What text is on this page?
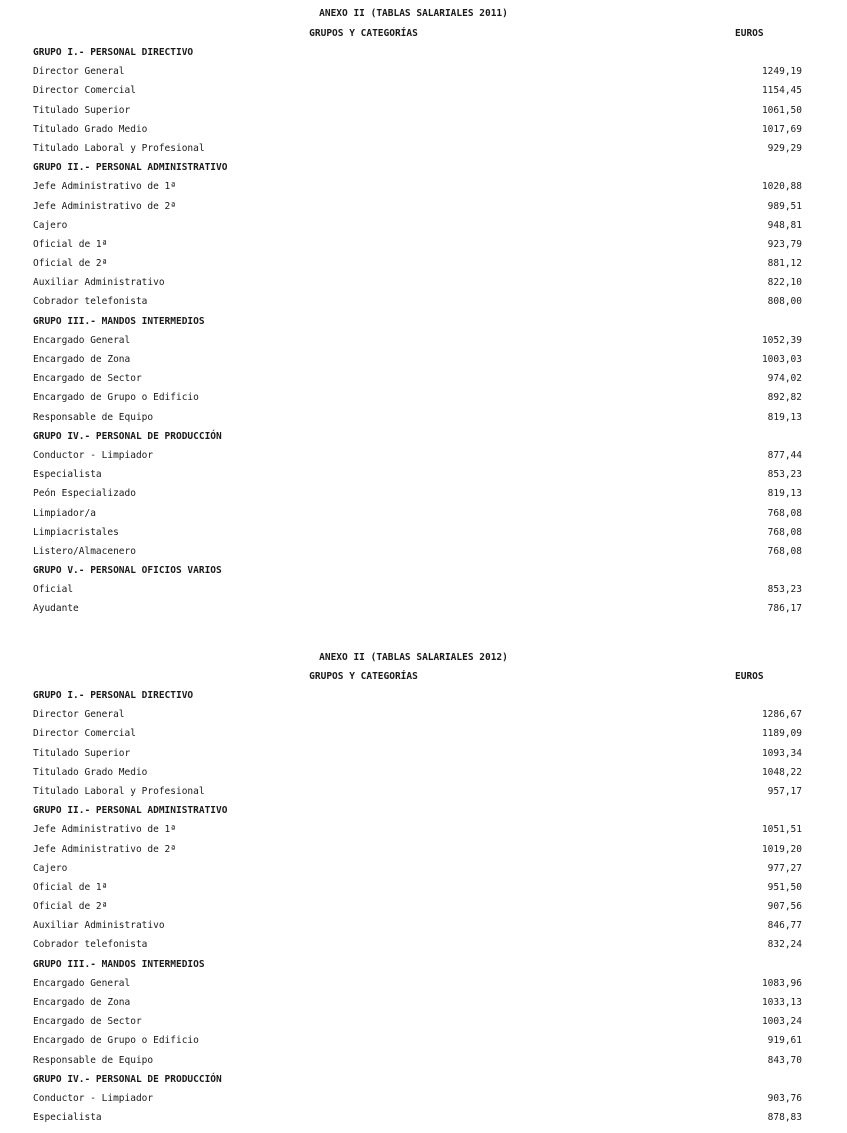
ANEXO II (TABLAS SALARIALES 2011)
GRUPOS Y CATEGORÍAS	EUROS
GRUPO I.- PERSONAL DIRECTIVO
Director General	1249,19
Director Comercial	1154,45
Titulado Superior	1061,50
Titulado Grado Medio	1017,69
Titulado Laboral y Profesional	929,29
GRUPO II.- PERSONAL ADMINISTRATIVO
Jefe Administrativo de 1ª	1020,88
Jefe Administrativo de 2ª	989,51
Cajero	948,81
Oficial de 1ª	923,79
Oficial de 2ª	881,12
Auxiliar Administrativo	822,10
Cobrador telefonista	808,00
GRUPO III.- MANDOS INTERMEDIOS
Encargado General	1052,39
Encargado de Zona	1003,03
Encargado de Sector	974,02
Encargado de Grupo o Edificio	892,82
Responsable de Equipo	819,13
GRUPO IV.- PERSONAL DE PRODUCCIÓN
Conductor - Limpiador	877,44
Especialista	853,23
Peón Especializado	819,13
Limpiador/a	768,08
Limpiacristales	768,08
Listero/Almacenero	768,08
GRUPO V.- PERSONAL OFICIOS VARIOS
Oficial	853,23
Ayudante	786,17
ANEXO II (TABLAS SALARIALES 2012)
GRUPOS Y CATEGORÍAS	EUROS
GRUPO I.- PERSONAL DIRECTIVO
Director General	1286,67
Director Comercial	1189,09
Titulado Superior	1093,34
Titulado Grado Medio	1048,22
Titulado Laboral y Profesional	957,17
GRUPO II.- PERSONAL ADMINISTRATIVO
Jefe Administrativo de 1ª	1051,51
Jefe Administrativo de 2ª	1019,20
Cajero	977,27
Oficial de 1ª	951,50
Oficial de 2ª	907,56
Auxiliar Administrativo	846,77
Cobrador telefonista	832,24
GRUPO III.- MANDOS INTERMEDIOS
Encargado General	1083,96
Encargado de Zona	1033,13
Encargado de Sector	1003,24
Encargado de Grupo o Edificio	919,61
Responsable de Equipo	843,70
GRUPO IV.- PERSONAL DE PRODUCCIÓN
Conductor - Limpiador	903,76
Especialista	878,83
